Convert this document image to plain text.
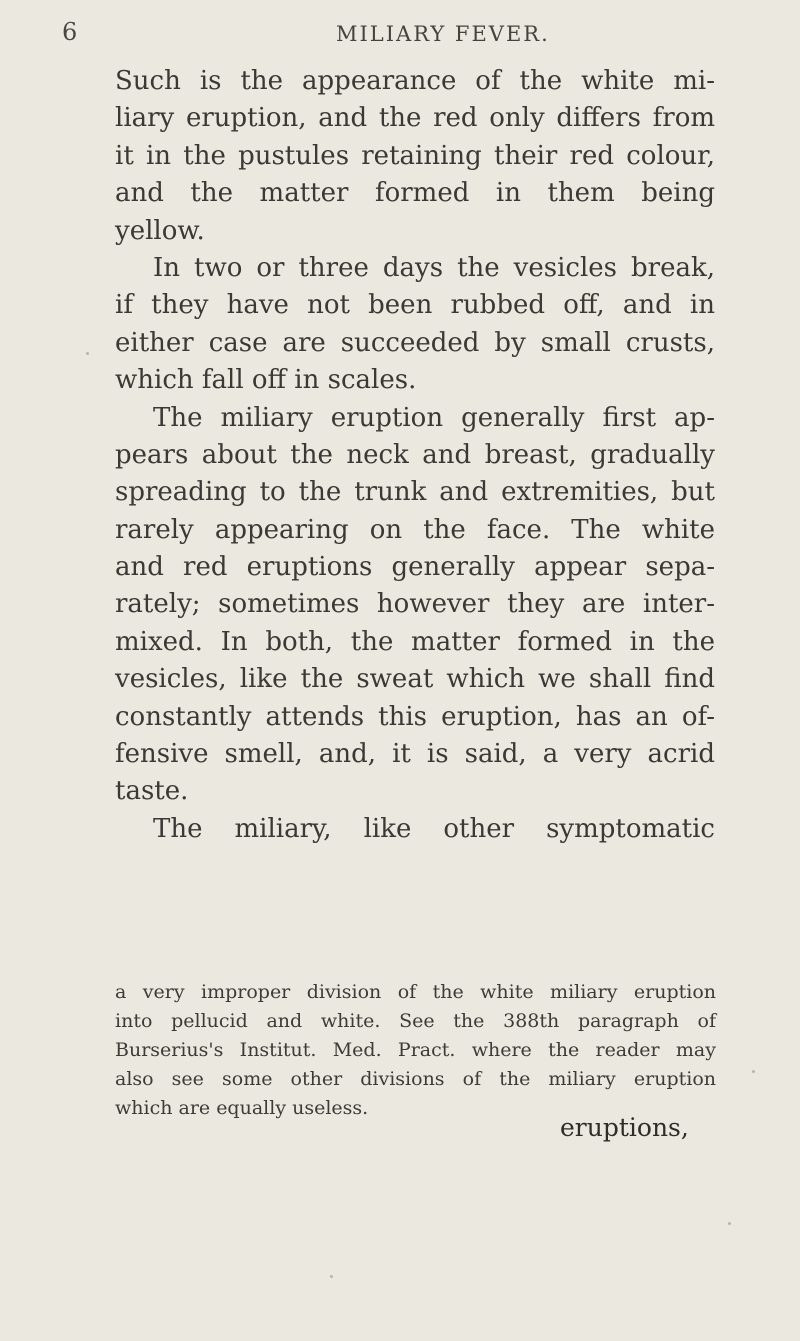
6	MILIARY FEVER.
Such is the appearance of the white mi-
liary eruption, and the red only differs from
it in the pustules retaining their red colour,
and the matter formed in them being
yellow.
In two or three days the vesicles break,
if they have not been rubbed off, and in
either case are succeeded by small crusts,
which fall off in scales.
The miliary eruption generally first ap-
pears about the neck and breast, gradually
spreading to the trunk and extremities, but
rarely appearing on the face. The white
and red eruptions generally appear sepa-
rately; sometimes however they are inter-
mixed. In both, the matter formed in the
vesicles, like the sweat which we shall find
constantly attends this eruption, has an of-
fensive smell, and, it is said, a very acrid
taste.
The miliary, like other symptomatic
a very improper division of the white miliary eruption
into pellucid and white. See the 388th paragraph of
Burserius's Institut. Med. Pract. where the reader may
also see some other divisions of the miliary eruption
which are equally useless.
eruptions,
